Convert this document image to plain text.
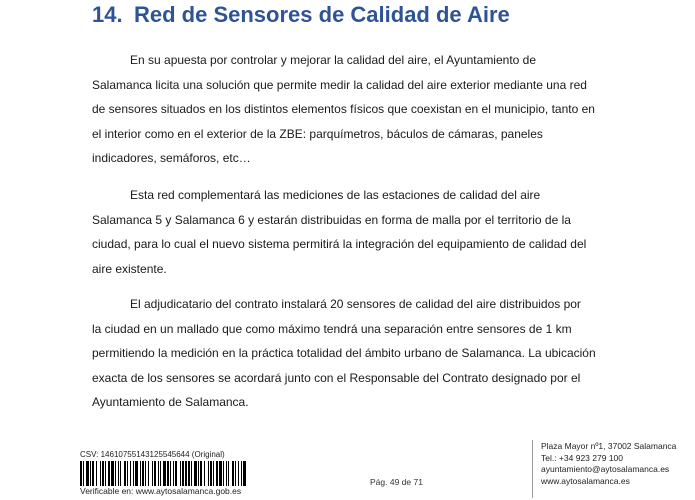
14. Red de Sensores de Calidad de Aire

En su apuesta por controlar y mejorar la calidad del aire, el Ayuntamiento de
Salamanca licita una solución que permite medir la calidad del aire exterior mediante una red
de sensores situados en los distintos elementos físicos que coexistan en el municipio, tanto en
el interior como en el exterior de la ZBE: parquímetros, báculos de cámaras, paneles
indicadores, semáforos, etc…

Esta red complementará las mediciones de las estaciones de calidad del aire
Salamanca 5 y Salamanca 6 y estarán distribuidas en forma de malla por el territorio de la
ciudad, para lo cual el nuevo sistema permitirá la integración del equipamiento de calidad del
aire existente.

El adjudicatario del contrato instalará 20 sensores de calidad del aire distribuidos por
la ciudad en un mallado que como máximo tendrá una separación entre sensores de 1 km
permitiendo la medición en la práctica totalidad del ámbito urbano de Salamanca. La ubicación
exacta de los sensores se acordará junto con el Responsable del Contrato designado por el
Ayuntamiento de Salamanca.

CSV: 14610755143125545644 (Original)
Verificable en: www.aytosalamanca.gob.es
Pág. 49 de 71
Plaza Mayor nº1, 37002 Salamanca
Tel.: +34 923 279 100
ayuntamiento@aytosalamanca.es
www.aytosalamanca.es
